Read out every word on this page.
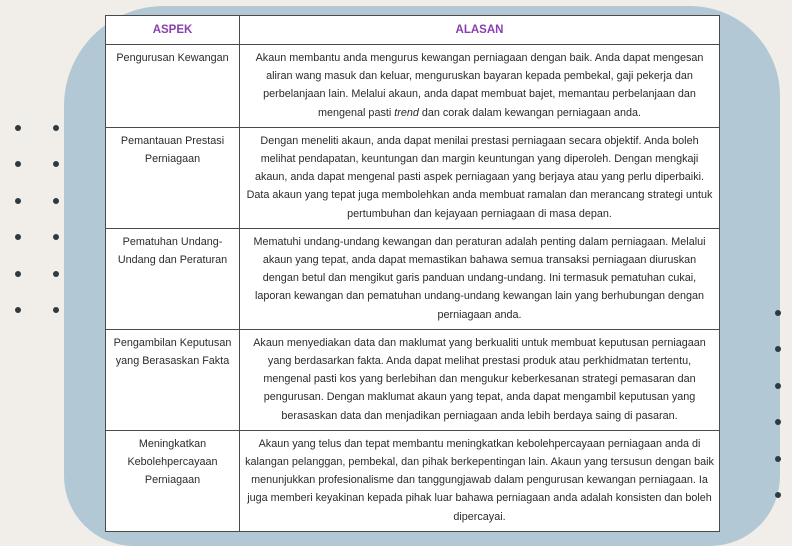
ASPEK	ALASAN
Pengurusan Kewangan	Akaun membantu anda mengurus kewangan perniagaan dengan baik. Anda dapat mengesan aliran wang masuk dan keluar, menguruskan bayaran kepada pembekal, gaji pekerja dan perbelanjaan lain. Melalui akaun, anda dapat membuat bajet, memantau perbelanjaan dan mengenal pasti trend dan corak dalam kewangan perniagaan anda.
Pemantauan Prestasi Perniagaan	Dengan meneliti akaun, anda dapat menilai prestasi perniagaan secara objektif. Anda boleh melihat pendapatan, keuntungan dan margin keuntungan yang diperoleh. Dengan mengkaji akaun, anda dapat mengenal pasti aspek perniagaan yang berjaya atau yang perlu diperbaiki. Data akaun yang tepat juga membolehkan anda membuat ramalan dan merancang strategi untuk pertumbuhan dan kejayaan perniagaan di masa depan.
Pematuhan Undang-Undang dan Peraturan	Mematuhi undang-undang kewangan dan peraturan adalah penting dalam perniagaan. Melalui akaun yang tepat, anda dapat memastikan bahawa semua transaksi perniagaan diuruskan dengan betul dan mengikut garis panduan undang-undang. Ini termasuk pematuhan cukai, laporan kewangan dan pematuhan undang-undang kewangan lain yang berhubungan dengan perniagaan anda.
Pengambilan Keputusan yang Berasaskan Fakta	Akaun menyediakan data dan maklumat yang berkualiti untuk membuat keputusan perniagaan yang berdasarkan fakta. Anda dapat melihat prestasi produk atau perkhidmatan tertentu, mengenal pasti kos yang berlebihan dan mengukur keberkesanan strategi pemasaran dan pengurusan. Dengan maklumat akaun yang tepat, anda dapat mengambil keputusan yang berasaskan data dan menjadikan perniagaan anda lebih berdaya saing di pasaran.
Meningkatkan Kebolehpercayaan Perniagaan	Akaun yang telus dan tepat membantu meningkatkan kebolehpercayaan perniagaan anda di kalangan pelanggan, pembekal, dan pihak berkepentingan lain. Akaun yang tersusun dengan baik menunjukkan profesionalisme dan tanggungjawab dalam pengurusan kewangan perniagaan. Ia juga memberi keyakinan kepada pihak luar bahawa perniagaan anda adalah konsisten dan boleh dipercayai.
